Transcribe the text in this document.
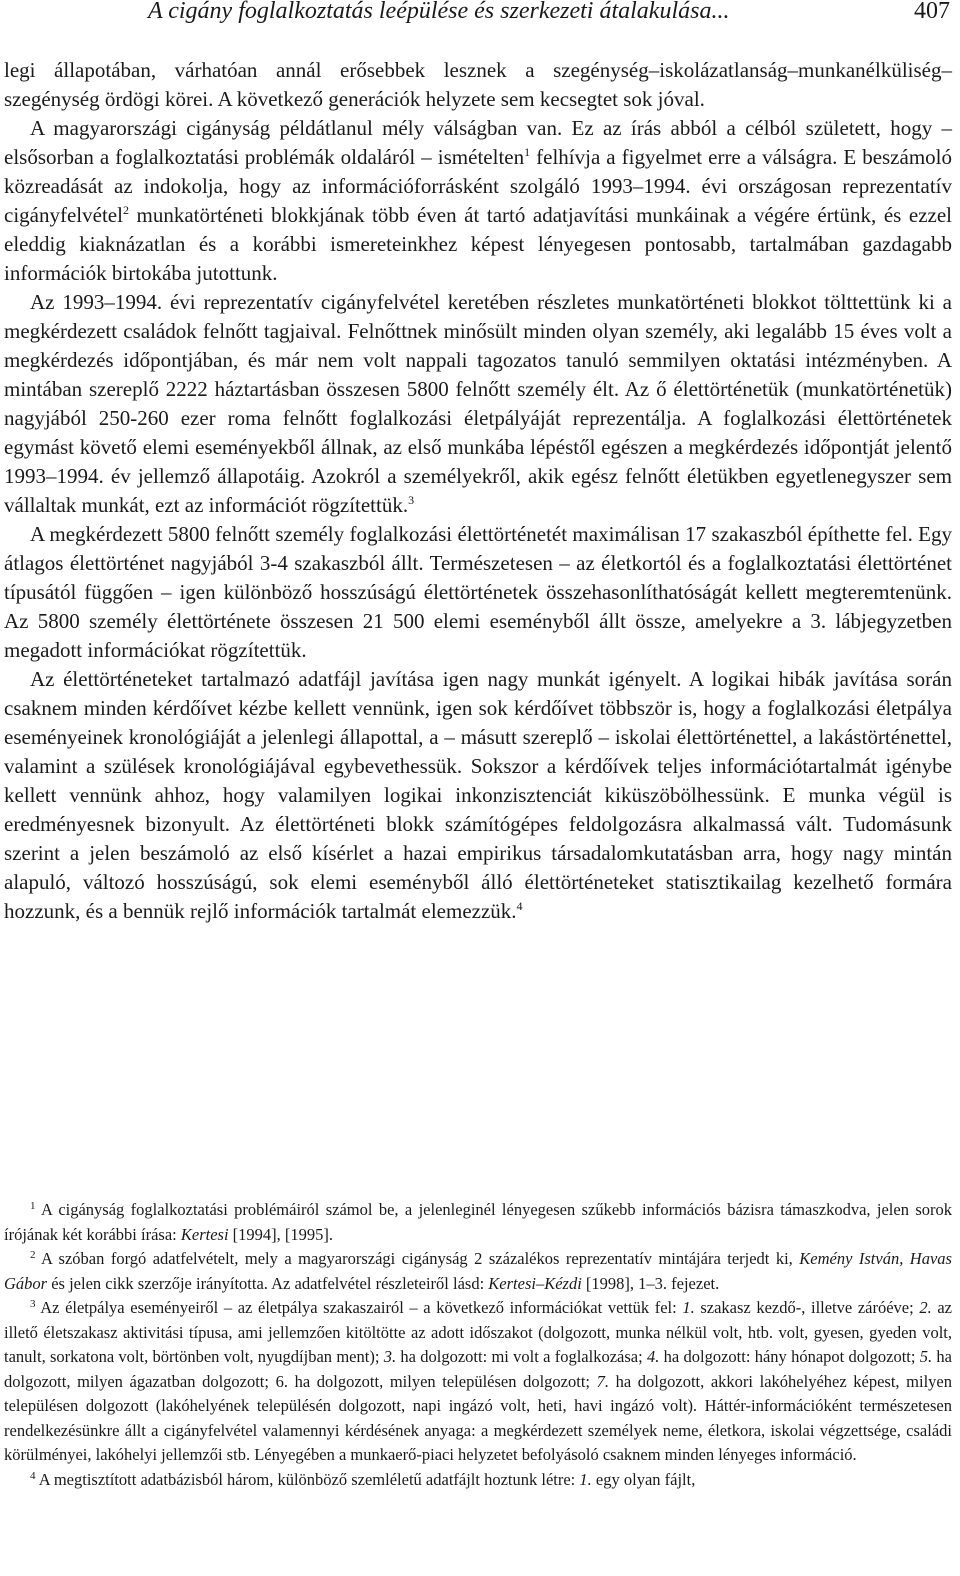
A cigány foglalkoztatás leépülése és szerkezeti átalakulása...	407

legi állapotában, várhatóan annál erősebbek lesznek a szegénység–iskolázatlanság–munkanélküliség–szegénység ördögi körei. A következő generációk helyzete sem kecsegtet sok jóval.

A magyarországi cigányság példátlanul mély válságban van. Ez az írás abból a célból született, hogy – elsősorban a foglalkoztatási problémák oldaláról – ismételten$^1$ felhívja a figyelmet erre a válságra. E beszámoló közreadását az indokolja, hogy az információforrásként szolgáló 1993–1994. évi országosan reprezentatív cigányfelvétel$^2$ munkatörténeti blokkjának több éven át tartó adatjavítási munkáinak a végére értünk, és ezzel eleddig kiaknázatlan és a korábbi ismereteinkhez képest lényegesen pontosabb, tartalmában gazdagabb információk birtokába jutottunk.

Az 1993–1994. évi reprezentatív cigányfelvétel keretében részletes munkatörténeti blokkot tölttettünk ki a megkérdezett családok felnőtt tagjaival. Felnőttnek minősült minden olyan személy, aki legalább 15 éves volt a megkérdezés időpontjában, és már nem volt nappali tagozatos tanuló semmilyen oktatási intézményben. A mintában szereplő 2222 háztartásban összesen 5800 felnőtt személy élt. Az ő élettörténetük (munkatörténetük) nagyjából 250-260 ezer roma felnőtt foglalkozási életpályáját reprezentálja. A foglalkozási élettörténetek egymást követő elemi eseményekből állnak, az első munkába lépéstől egészen a megkérdezés időpontját jelentő 1993–1994. év jellemző állapotáig. Azokról a személyekről, akik egész felnőtt életükben egyetlenegyszer sem vállaltak munkát, ezt az információt rögzítettük.$^3$

A megkérdezett 5800 felnőtt személy foglalkozási élettörténetét maximálisan 17 szakaszból építhette fel. Egy átlagos élettörténet nagyjából 3-4 szakaszból állt. Természetesen – az életkortól és a foglalkoztatási élettörténet típusától függően – igen különböző hosszúságú élettörténetek összehasonlíthatóságát kellett megteremtenünk. Az 5800 személy élettörténete összesen 21 500 elemi eseményből állt össze, amelyekre a 3. lábjegyzetben megadott információkat rögzítettük.

Az élettörténeteket tartalmazó adatfájl javítása igen nagy munkát igényelt. A logikai hibák javítása során csaknem minden kérdőívet kézbe kellett vennünk, igen sok kérdőívet többször is, hogy a foglalkozási életpálya eseményeinek kronológiáját a jelenlegi állapottal, a – másutt szereplő – iskolai élettörténettel, a lakástörténettel, valamint a szülések kronológiájával egybevethessük. Sokszor a kérdőívek teljes információtartalmát igénybe kellett vennünk ahhoz, hogy valamilyen logikai inkonzisztenciát kiküszöbölhessünk. E munka végül is eredményesnek bizonyult. Az élettörténeti blokk számítógépes feldolgozásra alkalmassá vált. Tudomásunk szerint a jelen beszámoló az első kísérlet a hazai empirikus társadalomkutatásban arra, hogy nagy mintán alapuló, változó hosszúságú, sok elemi eseményből álló élettörténeteket statisztikailag kezelhető formára hozzunk, és a bennük rejlő információk tartalmát elemezzük.$^4$

$^1$ A cigányság foglalkoztatási problémáiról számol be, a jelenleginél lényegesen szűkebb információs bázisra támaszkodva, jelen sorok írójának két korábbi írása: Kertesi [1994], [1995].

$^2$ A szóban forgó adatfelvételt, mely a magyarországi cigányság 2 százalékos reprezentatív mintájára terjedt ki, Kemény István, Havas Gábor és jelen cikk szerzője irányította. Az adatfelvétel részleteiről lásd: Kertesi–Kézdi [1998], 1–3. fejezet.

$^3$ Az életpálya eseményeiről – az életpálya szakaszairól – a következő információkat vettük fel: 1. szakasz kezdő-, illetve záróéve; 2. az illető életszakasz aktivitási típusa, ami jellemzően kitöltötte az adott időszakot (dolgozott, munka nélkül volt, htb. volt, gyesen, gyeden volt, tanult, sorkatona volt, börtönben volt, nyugdíjban ment); 3. ha dolgozott: mi volt a foglalkozása; 4. ha dolgozott: hány hónapot dolgozott; 5. ha dolgozott, milyen ágazatban dolgozott; 6. ha dolgozott, milyen településen dolgozott; 7. ha dolgozott, akkori lakóhelyéhez képest, milyen településen dolgozott (lakóhelyének településén dolgozott, napi ingázó volt, heti, havi ingázó volt). Háttér-információként természetesen rendelkezésünkre állt a cigányfelvétel valamennyi kérdésének anyaga: a megkérdezett személyek neme, életkora, iskolai végzettsége, családi körülményei, lakóhelyi jellemzői stb. Lényegében a munkaerő-piaci helyzetet befolyásoló csaknem minden lényeges információ.

$^4$ A megtisztított adatbázisból három, különböző szemléletű adatfájlt hoztunk létre: 1. egy olyan fájlt,
